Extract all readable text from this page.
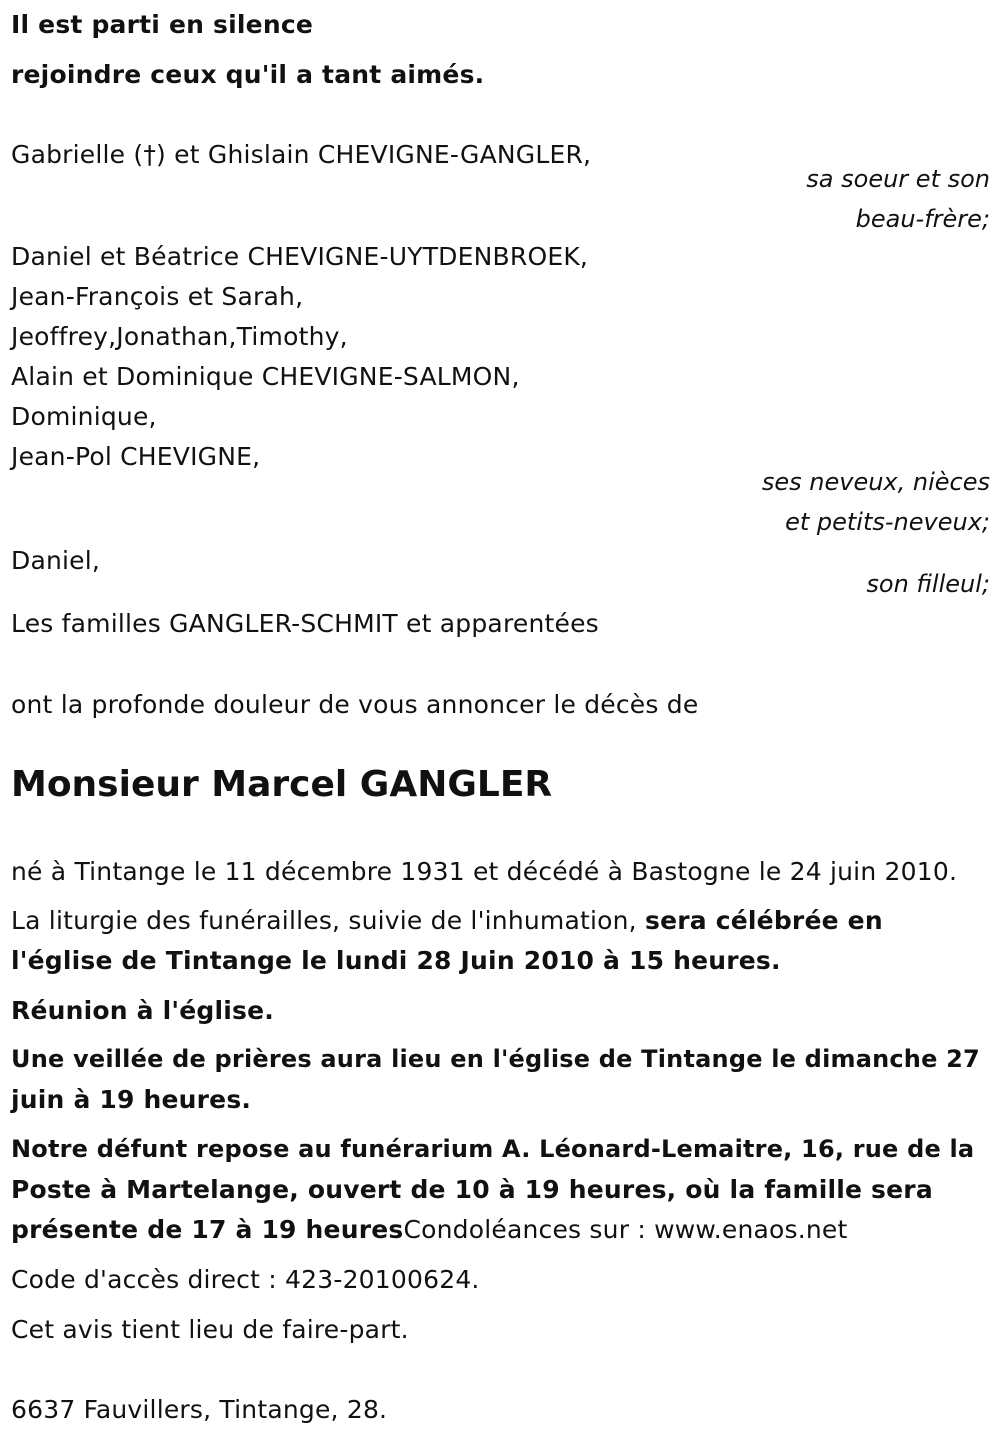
Il est parti en silence
rejoindre ceux qu'il a tant aimés.
Gabrielle (†) et Ghislain CHEVIGNE-GANGLER,
sa soeur et son
beau-frère;
Daniel et Béatrice CHEVIGNE-UYTDENBROEK,
Jean-François et Sarah,
Jeoffrey,Jonathan,Timothy,
Alain et Dominique CHEVIGNE-SALMON,
Dominique,
Jean-Pol CHEVIGNE,
ses neveux, nièces
et petits-neveux;
Daniel,
son filleul;
Les familles GANGLER-SCHMIT et apparentées
ont la profonde douleur de vous annoncer le décès de
Monsieur Marcel GANGLER
né à Tintange le 11 décembre 1931 et décédé à Bastogne le 24 juin 2010.
La liturgie des funérailles, suivie de l'inhumation, sera célébrée en
l'église de Tintange le lundi 28 Juin 2010 à 15 heures.
Réunion à l'église.
Une veillée de prières aura lieu en l'église de Tintange le dimanche 27
juin à 19 heures.
Notre défunt repose au funérarium A. Léonard-Lemaitre, 16, rue de la
Poste à Martelange, ouvert de 10 à 19 heures, où la famille sera
présente de 17 à 19 heuresCondoléances sur : www.enaos.net
Code d'accès direct : 423-20100624.
Cet avis tient lieu de faire-part.
6637 Fauvillers, Tintange, 28.
